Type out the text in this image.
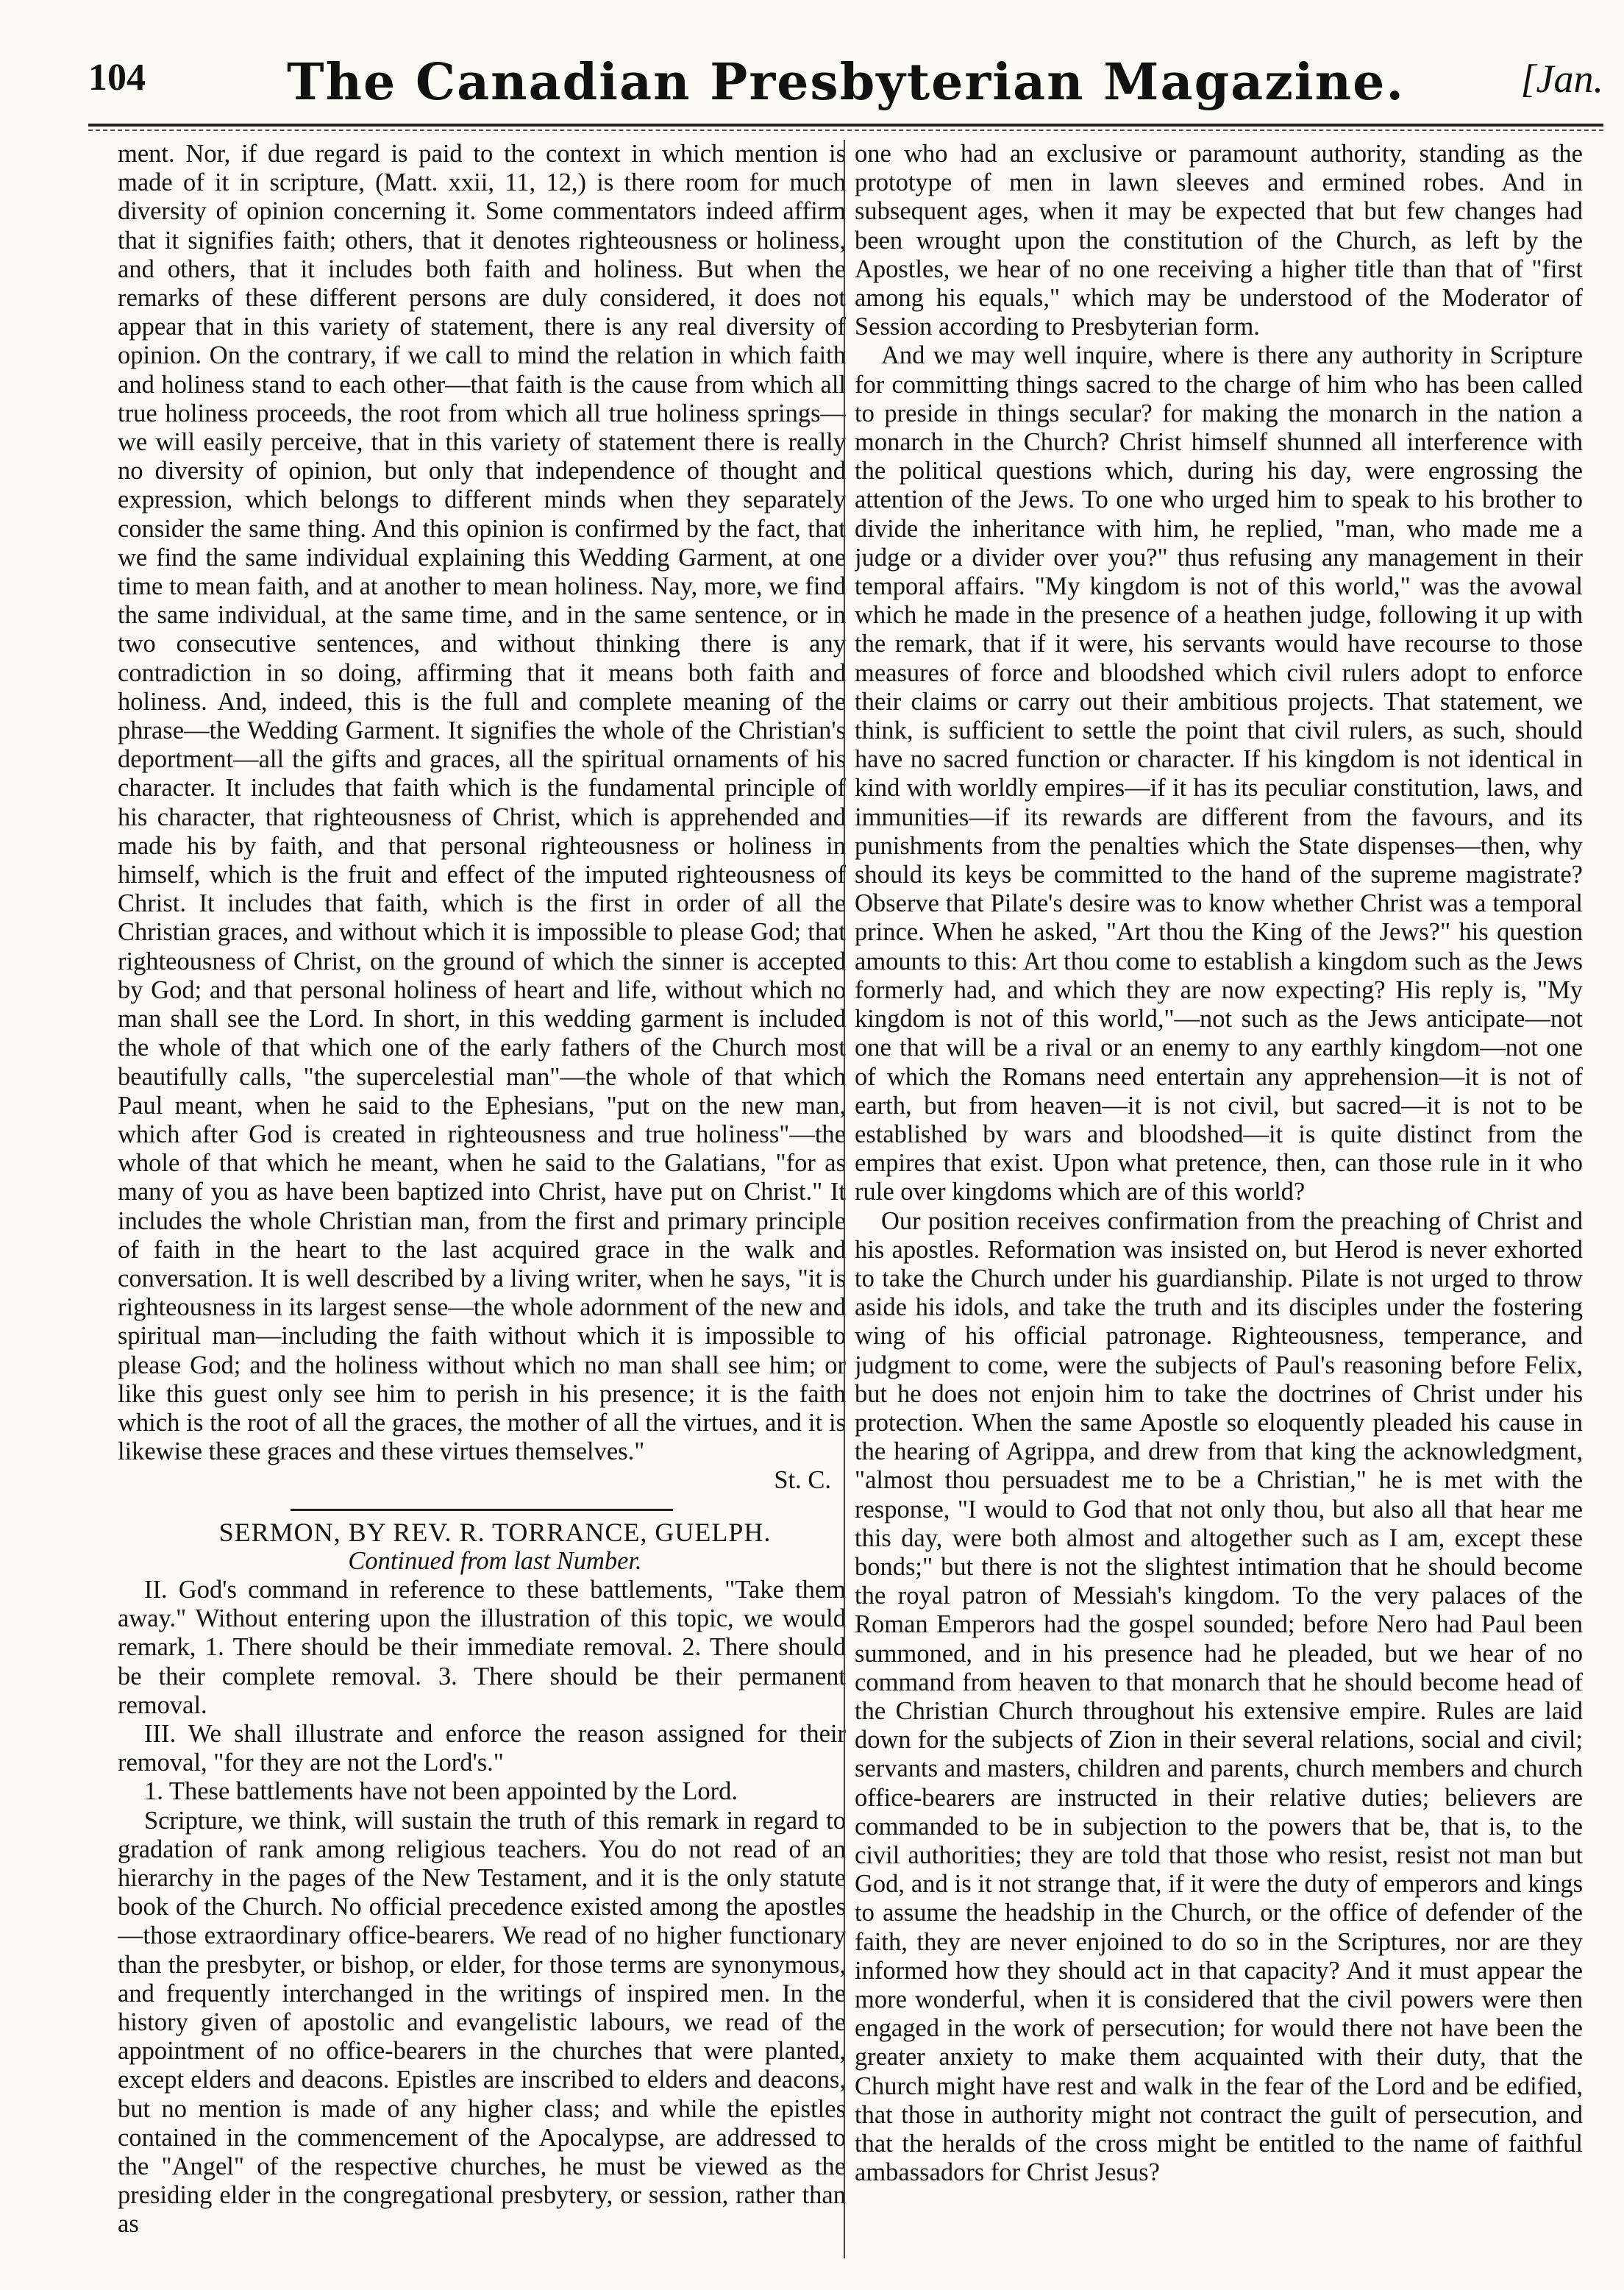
104	The Canadian Presbyterian Magazine.	[Jan.

ment. Nor, if due regard is paid to the context in which mention is made of it in scripture, (Matt. xxii, 11, 12,) is there room for much diversity of opinion concerning it. Some commentators indeed affirm that it signifies faith; others, that it denotes righteousness or holiness, and others, that it includes both faith and holiness. But when the remarks of these different persons are duly considered, it does not appear that in this variety of statement, there is any real diversity of opinion. On the contrary, if we call to mind the relation in which faith and holiness stand to each other—that faith is the cause from which all true holiness proceeds, the root from which all true holiness springs—we will easily perceive, that in this variety of statement there is really no diversity of opinion, but only that independence of thought and expression, which belongs to different minds when they separately consider the same thing. And this opinion is confirmed by the fact, that we find the same individual explaining this Wedding Garment, at one time to mean faith, and at another to mean holiness. Nay, more, we find the same individual, at the same time, and in the same sentence, or in two consecutive sentences, and without thinking there is any contradiction in so doing, affirming that it means both faith and holiness. And, indeed, this is the full and complete meaning of the phrase—the Wedding Garment. It signifies the whole of the Christian's deportment—all the gifts and graces, all the spiritual ornaments of his character. It includes that faith which is the fundamental principle of his character, that righteousness of Christ, which is apprehended and made his by faith, and that personal righteousness or holiness in himself, which is the fruit and effect of the imputed righteousness of Christ. It includes that faith, which is the first in order of all the Christian graces, and without which it is impossible to please God; that righteousness of Christ, on the ground of which the sinner is accepted by God; and that personal holiness of heart and life, without which no man shall see the Lord. In short, in this wedding garment is included the whole of that which one of the early fathers of the Church most beautifully calls, "the supercelestial man"—the whole of that which Paul meant, when he said to the Ephesians, "put on the new man, which after God is created in righteousness and true holiness"—the whole of that which he meant, when he said to the Galatians, "for as many of you as have been baptized into Christ, have put on Christ." It includes the whole Christian man, from the first and primary principle of faith in the heart to the last acquired grace in the walk and conversation. It is well described by a living writer, when he says, "it is righteousness in its largest sense—the whole adornment of the new and spiritual man—including the faith without which it is impossible to please God; and the holiness without which no man shall see him; or like this guest only see him to perish in his presence; it is the faith which is the root of all the graces, the mother of all the virtues, and it is likewise these graces and these virtues themselves."

St. C.

SERMON, BY REV. R. TORRANCE, GUELPH.

Continued from last Number.

II. God's command in reference to these battlements, "Take them away." Without entering upon the illustration of this topic, we would remark, 1. There should be their immediate removal. 2. There should be their complete removal. 3. There should be their permanent removal.

III. We shall illustrate and enforce the reason assigned for their removal, "for they are not the Lord's."

1. These battlements have not been appointed by the Lord.

Scripture, we think, will sustain the truth of this remark in regard to gradation of rank among religious teachers. You do not read of an hierarchy in the pages of the New Testament, and it is the only statute book of the Church. No official precedence existed among the apostles—those extraordinary office-bearers. We read of no higher functionary than the presbyter, or bishop, or elder, for those terms are synonymous, and frequently interchanged in the writings of inspired men. In the history given of apostolic and evangelistic labours, we read of the appointment of no office-bearers in the churches that were planted, except elders and deacons. Epistles are inscribed to elders and deacons, but no mention is made of any higher class; and while the epistles contained in the commencement of the Apocalypse, are addressed to the "Angel" of the respective churches, he must be viewed as the presiding elder in the congregational presbytery, or session, rather than as

one who had an exclusive or paramount authority, standing as the prototype of men in lawn sleeves and ermined robes. And in subsequent ages, when it may be expected that but few changes had been wrought upon the constitution of the Church, as left by the Apostles, we hear of no one receiving a higher title than that of "first among his equals," which may be understood of the Moderator of Session according to Presbyterian form.

And we may well inquire, where is there any authority in Scripture for committing things sacred to the charge of him who has been called to preside in things secular? for making the monarch in the nation a monarch in the Church? Christ himself shunned all interference with the political questions which, during his day, were engrossing the attention of the Jews. To one who urged him to speak to his brother to divide the inheritance with him, he replied, "man, who made me a judge or a divider over you?" thus refusing any management in their temporal affairs. "My kingdom is not of this world," was the avowal which he made in the presence of a heathen judge, following it up with the remark, that if it were, his servants would have recourse to those measures of force and bloodshed which civil rulers adopt to enforce their claims or carry out their ambitious projects. That statement, we think, is sufficient to settle the point that civil rulers, as such, should have no sacred function or character. If his kingdom is not identical in kind with worldly empires—if it has its peculiar constitution, laws, and immunities—if its rewards are different from the favours, and its punishments from the penalties which the State dispenses—then, why should its keys be committed to the hand of the supreme magistrate? Observe that Pilate's desire was to know whether Christ was a temporal prince. When he asked, "Art thou the King of the Jews?" his question amounts to this: Art thou come to establish a kingdom such as the Jews formerly had, and which they are now expecting? His reply is, "My kingdom is not of this world,"—not such as the Jews anticipate—not one that will be a rival or an enemy to any earthly kingdom—not one of which the Romans need entertain any apprehension—it is not of earth, but from heaven—it is not civil, but sacred—it is not to be established by wars and bloodshed—it is quite distinct from the empires that exist. Upon what pretence, then, can those rule in it who rule over kingdoms which are of this world?

Our position receives confirmation from the preaching of Christ and his apostles. Reformation was insisted on, but Herod is never exhorted to take the Church under his guardianship. Pilate is not urged to throw aside his idols, and take the truth and its disciples under the fostering wing of his official patronage. Righteousness, temperance, and judgment to come, were the subjects of Paul's reasoning before Felix, but he does not enjoin him to take the doctrines of Christ under his protection. When the same Apostle so eloquently pleaded his cause in the hearing of Agrippa, and drew from that king the acknowledgment, "almost thou persuadest me to be a Christian," he is met with the response, "I would to God that not only thou, but also all that hear me this day, were both almost and altogether such as I am, except these bonds;" but there is not the slightest intimation that he should become the royal patron of Messiah's kingdom. To the very palaces of the Roman Emperors had the gospel sounded; before Nero had Paul been summoned, and in his presence had he pleaded, but we hear of no command from heaven to that monarch that he should become head of the Christian Church throughout his extensive empire. Rules are laid down for the subjects of Zion in their several relations, social and civil; servants and masters, children and parents, church members and church office-bearers are instructed in their relative duties; believers are commanded to be in subjection to the powers that be, that is, to the civil authorities; they are told that those who resist, resist not man but God, and is it not strange that, if it were the duty of emperors and kings to assume the headship in the Church, or the office of defender of the faith, they are never enjoined to do so in the Scriptures, nor are they informed how they should act in that capacity? And it must appear the more wonderful, when it is considered that the civil powers were then engaged in the work of persecution; for would there not have been the greater anxiety to make them acquainted with their duty, that the Church might have rest and walk in the fear of the Lord and be edified, that those in authority might not contract the guilt of persecution, and that the heralds of the cross might be entitled to the name of faithful ambassadors for Christ Jesus?
